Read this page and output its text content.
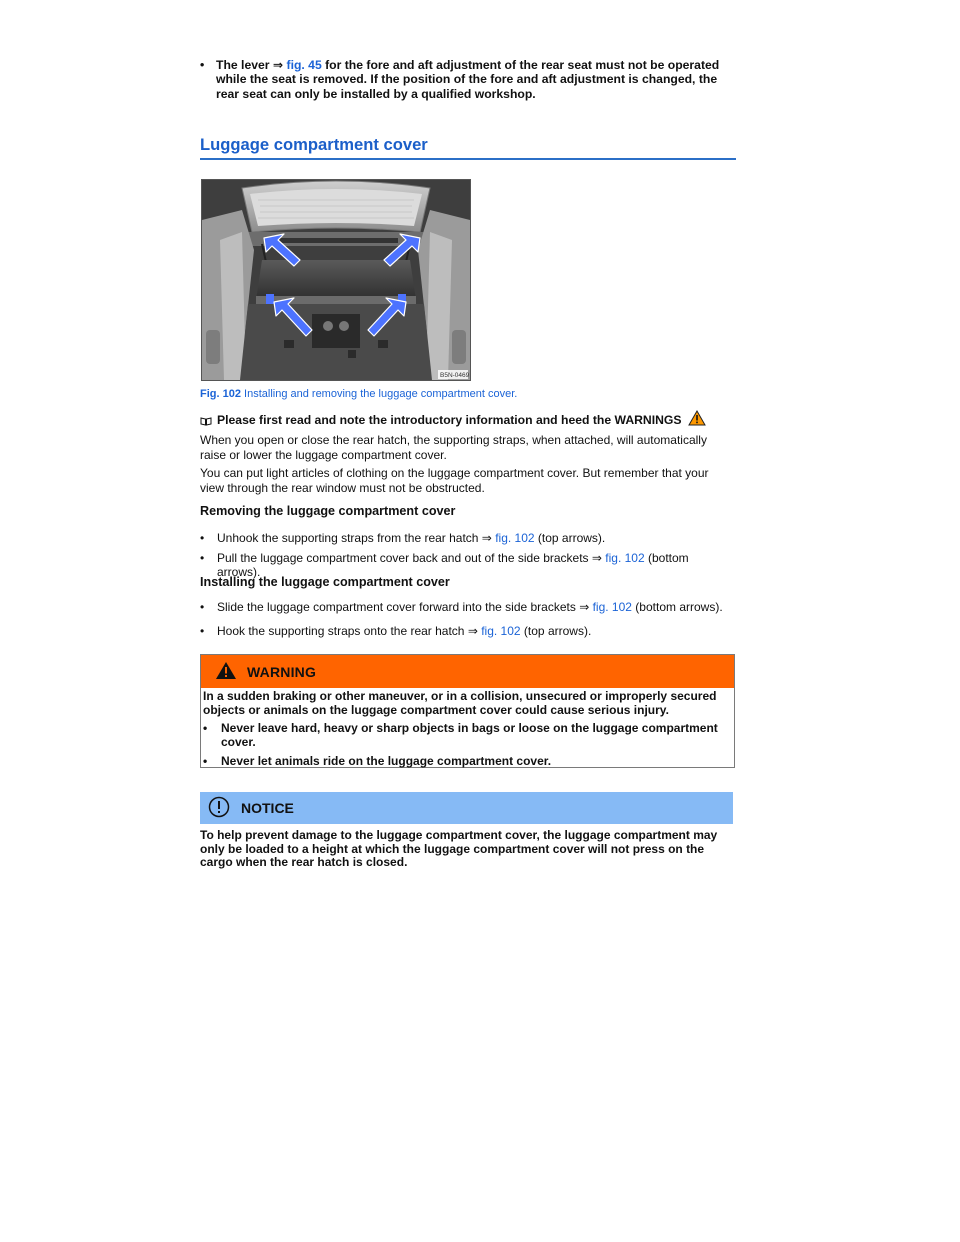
• The lever ⇒ fig. 45 for the fore and aft adjustment of the rear seat must not be operated while the seat is removed. If the position of the fore and aft adjustment is changed, the rear seat can only be installed by a qualified workshop.
Luggage compartment cover
B5N-0469
Fig. 102 Installing and removing the luggage compartment cover.
Please first read and note the introductory information and heed the WARNINGS
When you open or close the rear hatch, the supporting straps, when attached, will automatically raise or lower the luggage compartment cover.
You can put light articles of clothing on the luggage compartment cover. But remember that your view through the rear window must not be obstructed.
Removing the luggage compartment cover
•	Unhook the supporting straps from the rear hatch ⇒ fig. 102 (top arrows).
•	Pull the luggage compartment cover back and out of the side brackets ⇒ fig. 102 (bottom arrows).
Installing the luggage compartment cover
•	Slide the luggage compartment cover forward into the side brackets ⇒ fig. 102 (bottom arrows).
•	Hook the supporting straps onto the rear hatch ⇒ fig. 102 (top arrows).
WARNING

In a sudden braking or other maneuver, or in a collision, unsecured or improperly secured objects or animals on the luggage compartment cover could cause serious injury.

•	Never leave hard, heavy or sharp objects in bags or loose on the luggage compartment cover.
•	Never let animals ride on the luggage compartment cover.
NOTICE
To help prevent damage to the luggage compartment cover, the luggage compartment may only be loaded to a height at which the luggage compartment cover will not press on the cargo when the rear hatch is closed.
